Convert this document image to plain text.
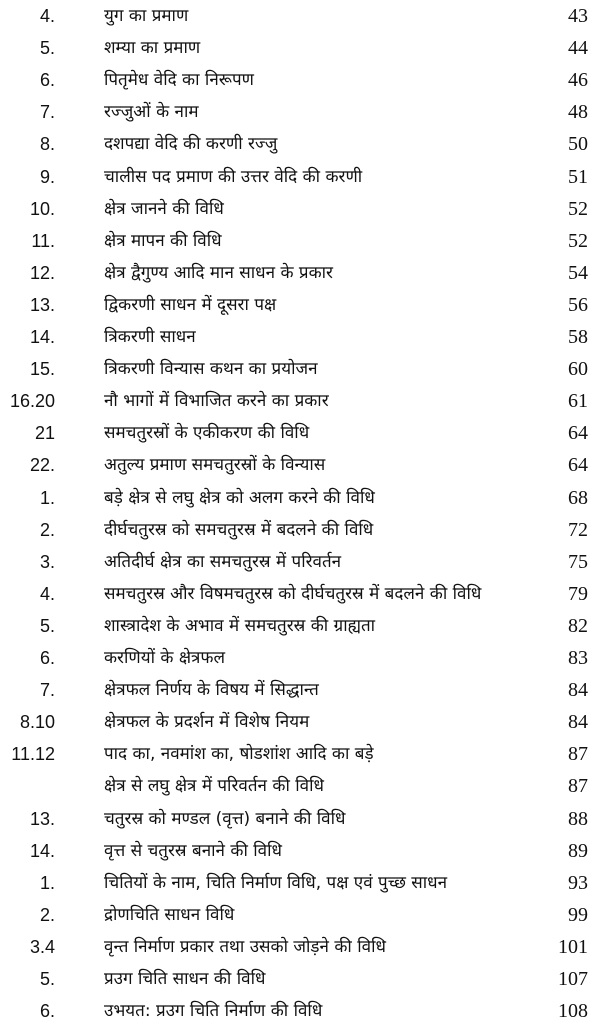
4.	युग का प्रमाण	43
5.	शम्या का प्रमाण	44
6.	पितृमेध वेदि का निरूपण	46
7.	रज्जुओं के नाम	48
8.	दशपद्या वेदि की करणी रज्जु	50
9.	चालीस पद प्रमाण की उत्तर वेदि की करणी	51
10.	क्षेत्र जानने की विधि	52
11.	क्षेत्र मापन की विधि	52
12.	क्षेत्र द्वैगुण्य आदि मान साधन के प्रकार	54
13.	द्विकरणी साधन में दूसरा पक्ष	56
14.	त्रिकरणी साधन	58
15.	त्रिकरणी विन्यास कथन का प्रयोजन	60
16.20	नौ भागों में विभाजित करने का प्रकार	61
21	समचतुरस्रों के एकीकरण की विधि	64
22.	अतुल्य प्रमाण समचतुरस्रों के विन्यास	64
1.	बड़े क्षेत्र से लघु क्षेत्र को अलग करने की विधि	68
2.	दीर्घचतुरस्र को समचतुरस्र में बदलने की विधि	72
3.	अतिदीर्घ क्षेत्र का समचतुरस्र में परिवर्तन	75
4.	समचतुरस्र और विषमचतुरस्र को दीर्घचतुरस्र में बदलने की विधि	79
5.	शास्त्रादेश के अभाव में समचतुरस्र की ग्राह्यता	82
6.	करणियों के क्षेत्रफल	83
7.	क्षेत्रफल निर्णय के विषय में सिद्धान्त	84
8.10	क्षेत्रफल के प्रदर्शन में विशेष नियम	84
11.12	पाद का, नवमांश का, षोडशांश आदि का बड़े	87
क्षेत्र से लघु क्षेत्र में परिवर्तन की विधि	87
13.	चतुरस्र को मण्डल (वृत्त) बनाने की विधि	88
14.	वृत्त से चतुरस्र बनाने की विधि	89
1.	चितियों के नाम, चिति निर्माण विधि, पक्ष एवं पुच्छ साधन	93
2.	द्रोणचिति साधन विधि	99
3.4	वृन्त निर्माण प्रकार तथा उसको जोड़ने की विधि	101
5.	प्रउग चिति साधन की विधि	107
6.	उभयत: प्रउग चिति निर्माण की विधि	108
